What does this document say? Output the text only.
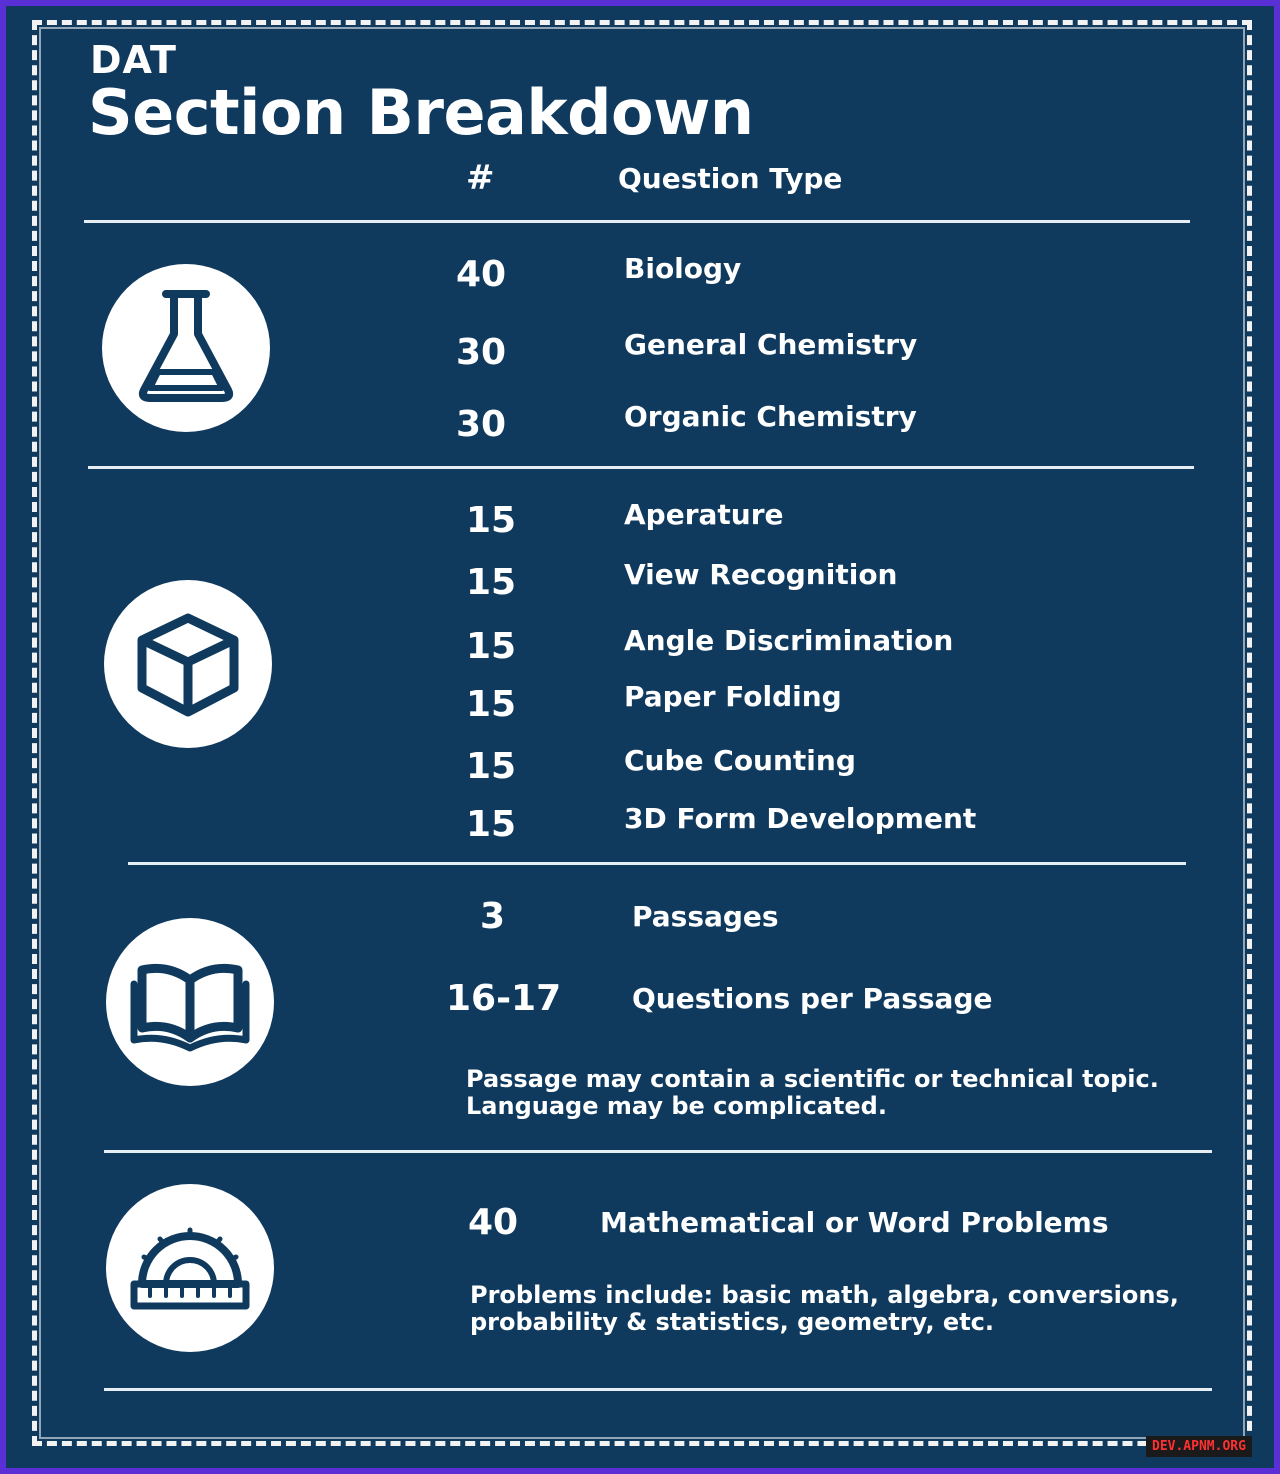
DAT
Section Breakdown
#	Question Type
40	Biology
30	General Chemistry
30	Organic Chemistry
15	Aperature
15	View Recognition
15	Angle Discrimination
15	Paper Folding
15	Cube Counting
15	3D Form Development
3	Passages
16-17	Questions per Passage
Passage may contain a scientific or technical topic.
Language may be complicated.
40	Mathematical or Word Problems
Problems include: basic math, algebra, conversions,
probability & statistics, geometry, etc.
DEV.APNM.ORG
